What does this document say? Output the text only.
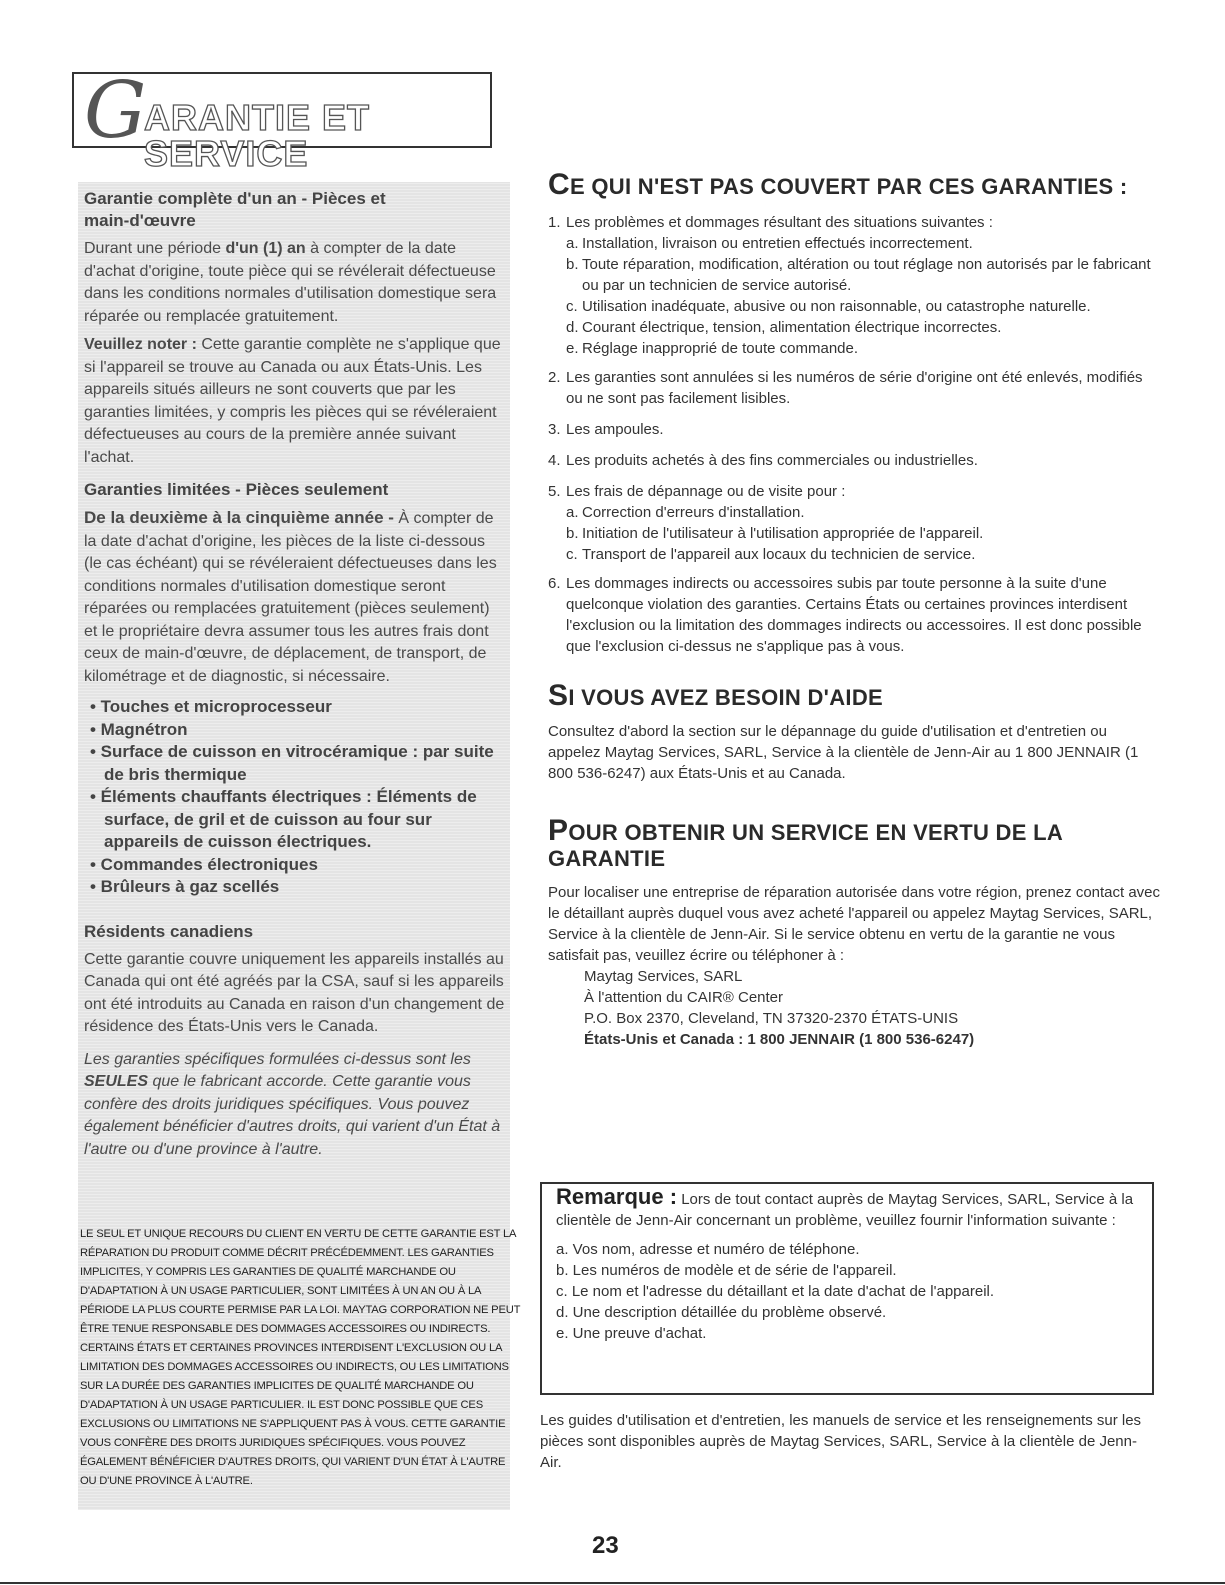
G
ARANTIE ET SERVICE

Garantie complète d'un an - Pièces et

main-d'œuvre

Durant une période d'un (1) an à compter de la date d'achat d'origine, toute pièce qui se révélerait défectueuse dans les conditions normales d'utilisation domestique sera réparée ou remplacée gratuitement.

Veuillez noter : Cette garantie complète ne s'applique que si l'appareil se trouve au Canada ou aux États-Unis. Les appareils situés ailleurs ne sont couverts que par les garanties limitées, y compris les pièces qui se révéleraient défectueuses au cours de la première année suivant l'achat.

Garanties limitées - Pièces seulement

De la deuxième à la cinquième année - À compter de la date d'achat d'origine, les pièces de la liste ci-dessous (le cas échéant) qui se révéleraient défectueuses dans les conditions normales d'utilisation domestique seront réparées ou remplacées gratuitement (pièces seulement) et le propriétaire devra assumer tous les autres frais dont ceux de main-d'œuvre, de déplacement, de transport, de kilométrage et de diagnostic, si nécessaire.

• Touches et microprocesseur
• Magnétron
• Surface de cuisson en vitrocéramique : par suite de bris thermique
• Éléments chauffants électriques : Éléments de surface, de gril et de cuisson au four sur appareils de cuisson électriques.
• Commandes électroniques
• Brûleurs à gaz scellés

Résidents canadiens

Cette garantie couvre uniquement les appareils installés au Canada qui ont été agréés par la CSA, sauf si les appareils ont été introduits au Canada en raison d'un changement de résidence des États-Unis vers le Canada.

Les garanties spécifiques formulées ci-dessus sont les SEULES que le fabricant accorde. Cette garantie vous confère des droits juridiques spécifiques. Vous pouvez également bénéficier d'autres droits, qui varient d'un État à l'autre ou d'une province à l'autre.

LE SEUL ET UNIQUE RECOURS DU CLIENT EN VERTU DE CETTE GARANTIE EST LA RÉPARATION DU PRODUIT COMME DÉCRIT PRÉCÉDEMMENT. LES GARANTIES IMPLICITES, Y COMPRIS LES GARANTIES DE QUALITÉ MARCHANDE OU D'ADAPTATION À UN USAGE PARTICULIER, SONT LIMITÉES À UN AN OU À LA PÉRIODE LA PLUS COURTE PERMISE PAR LA LOI. MAYTAG CORPORATION NE PEUT ÊTRE TENUE RESPONSABLE DES DOMMAGES ACCESSOIRES OU INDIRECTS. CERTAINS ÉTATS ET CERTAINES PROVINCES INTERDISENT L'EXCLUSION OU LA LIMITATION DES DOMMAGES ACCESSOIRES OU INDIRECTS, OU LES LIMITATIONS SUR LA DURÉE DES GARANTIES IMPLICITES DE QUALITÉ MARCHANDE OU D'ADAPTATION À UN USAGE PARTICULIER. IL EST DONC POSSIBLE QUE CES EXCLUSIONS OU LIMITATIONS NE S'APPLIQUENT PAS À VOUS. CETTE GARANTIE VOUS CONFÈRE DES DROITS JURIDIQUES SPÉCIFIQUES. VOUS POUVEZ ÉGALEMENT BÉNÉFICIER D'AUTRES DROITS, QUI VARIENT D'UN ÉTAT À L'AUTRE OU D'UNE PROVINCE À L'AUTRE.
CE QUI N'EST PAS COUVERT PAR CES GARANTIES :
1. Les problèmes et dommages résultant des situations suivantes :
a. Installation, livraison ou entretien effectués incorrectement.
b. Toute réparation, modification, altération ou tout réglage non autorisés par le fabricant ou par un technicien de service autorisé.
c. Utilisation inadéquate, abusive ou non raisonnable, ou catastrophe naturelle.
d. Courant électrique, tension, alimentation électrique incorrectes.
e. Réglage inapproprié de toute commande.
2. Les garanties sont annulées si les numéros de série d'origine ont été enlevés, modifiés ou ne sont pas facilement lisibles.
3. Les ampoules.
4. Les produits achetés à des fins commerciales ou industrielles.
5. Les frais de dépannage ou de visite pour :
a. Correction d'erreurs d'installation.
b. Initiation de l'utilisateur à l'utilisation appropriée de l'appareil.
c. Transport de l'appareil aux locaux du technicien de service.
6. Les dommages indirects ou accessoires subis par toute personne à la suite d'une quelconque violation des garanties. Certains États ou certaines provinces interdisent l'exclusion ou la limitation des dommages indirects ou accessoires. Il est donc possible que l'exclusion ci-dessus ne s'applique pas à vous.
SI VOUS AVEZ BESOIN D'AIDE

Consultez d'abord la section sur le dépannage du guide d'utilisation et d'entretien ou appelez Maytag Services, SARL, Service à la clientèle de Jenn-Air au 1 800 JENNAIR (1 800 536-6247) aux États-Unis et au Canada.

POUR OBTENIR UN SERVICE EN VERTU DE LA
GARANTIE

Pour localiser une entreprise de réparation autorisée dans votre région, prenez contact avec le détaillant auprès duquel vous avez acheté l'appareil ou appelez Maytag Services, SARL, Service à la clientèle de Jenn-Air. Si le service obtenu en vertu de la garantie ne vous satisfait pas, veuillez écrire ou téléphoner à :

Maytag Services, SARL
À l'attention du CAIR® Center
P.O. Box 2370, Cleveland, TN 37320-2370 ÉTATS-UNIS
États-Unis et Canada : 1 800 JENNAIR (1 800 536-6247)

Remarque : Lors de tout contact auprès de Maytag Services, SARL, Service à la clientèle de Jenn-Air concernant un problème, veuillez fournir l'information suivante :

a. Vos nom, adresse et numéro de téléphone.
b. Les numéros de modèle et de série de l'appareil.
c. Le nom et l'adresse du détaillant et la date d'achat de l'appareil.
d. Une description détaillée du problème observé.
e. Une preuve d'achat.

Les guides d'utilisation et d'entretien, les manuels de service et les renseignements sur les pièces sont disponibles auprès de Maytag Services, SARL, Service à la clientèle de Jenn-Air.

23
